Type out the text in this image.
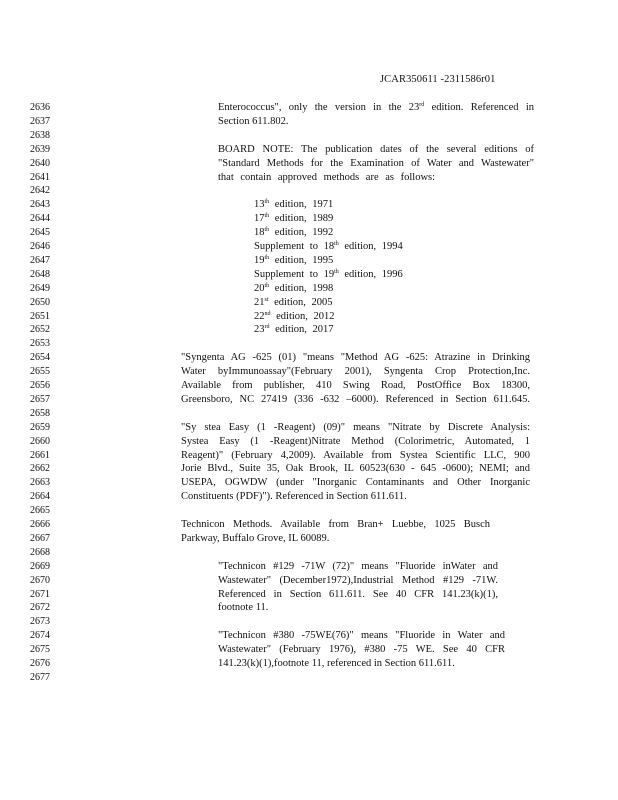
JCAR350611 -2311586r01
2636
2637
2638
2639
2640
2641
2642
2643
2644
2645
2646
2647
2648
2649
2650
2651
2652
2653
2654
2655
2656
2657
2658
2659
2660
2661
2662
2663
2664
2665
2666
2667
2668
2669
2670
2671
2672
2673
2674
2675
2676
2677
Enterococcus", only the version in the 23rd edition. Referenced in
Section 611.802.
BOARD NOTE: The publication dates of the several editions of
"Standard Methods for the Examination of Water and Wastewater"
that contain approved methods are as follows:
13th edition, 1971
17th edition, 1989
18th edition, 1992
Supplement to 18th edition, 1994
19th edition, 1995
Supplement to 19th edition, 1996
20th edition, 1998
21st edition, 2005
22nd edition, 2012
23rd edition, 2017
"Syngenta AG -625 (01) "means "Method AG -625: Atrazine in Drinking
Water byImmunoassay"(February 2001), Syngenta Crop Protection,Inc.
Available from publisher, 410 Swing Road, PostOffice Box 18300,
Greensboro, NC 27419 (336 -632 –6000). Referenced in Section 611.645.
"Sy stea Easy (1 -Reagent) (09)" means "Nitrate by Discrete Analysis:
Systea Easy (1 -Reagent)Nitrate Method (Colorimetric, Automated, 1
Reagent)" (February 4,2009). Available from Systea Scientific LLC, 900
Jorie Blvd., Suite 35, Oak Brook, IL 60523(630 - 645 -0600); NEMI; and
USEPA, OGWDW (under "Inorganic Contaminants and Other Inorganic
Constituents (PDF)"). Referenced in Section 611.611.
Technicon Methods. Available from Bran+ Luebbe, 1025 Busch
Parkway, Buffalo Grove, IL 60089.
"Technicon #129 -71W (72)" means "Fluoride inWater and
Wastewater" (December1972),Industrial Method #129 -71W.
Referenced in Section 611.611. See 40 CFR 141.23(k)(1),
footnote 11.
"Technicon #380 -75WE(76)" means "Fluoride in Water and
Wastewater" (February 1976), #380 -75 WE. See 40 CFR
141.23(k)(1),footnote 11, referenced in Section 611.611.
